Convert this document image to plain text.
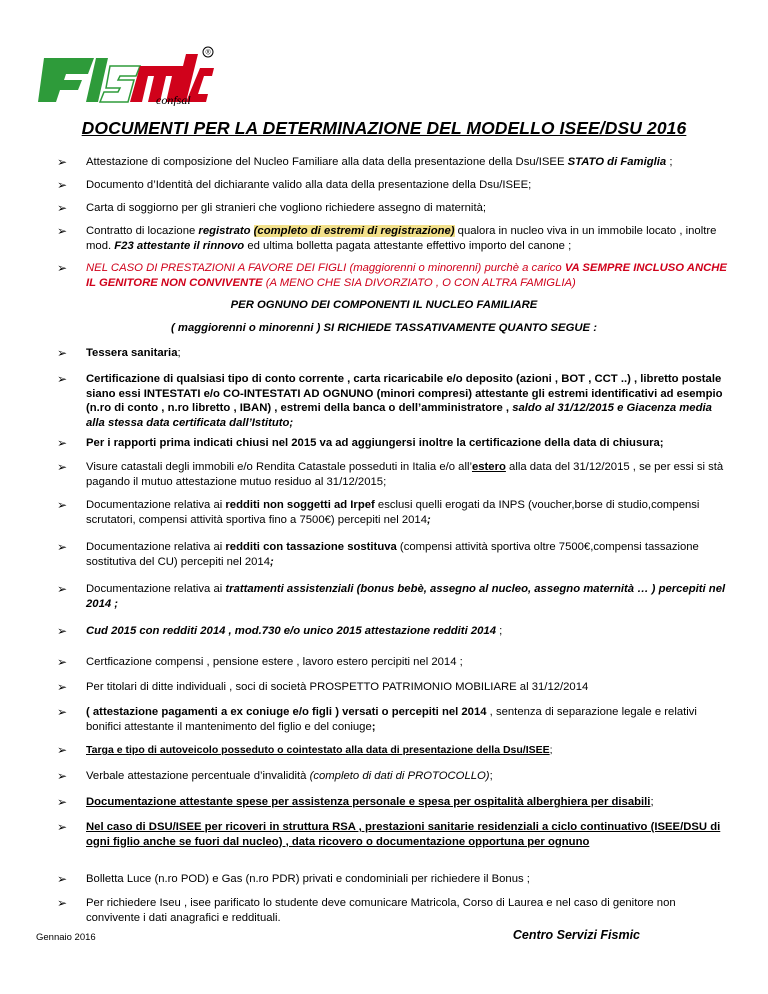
®
confsal
DOCUMENTI PER LA DETERMINAZIONE DEL MODELLO ISEE/DSU 2016
➢ Attestazione di composizione del Nucleo Familiare alla data della presentazione della Dsu/ISEE STATO di Famiglia ;
➢ Documento d’Identità del dichiarante valido alla data della presentazione della Dsu/ISEE;
➢ Carta di soggiorno per gli stranieri che vogliono richiedere assegno di maternità;
➢ Contratto di locazione registrato (completo di estremi di registrazione) qualora in nucleo viva in un immobile locato , inoltre mod. F23 attestante il rinnovo ed ultima bolletta pagata attestante effettivo importo del canone ;
➢ NEL CASO DI PRESTAZIONI A FAVORE DEI FIGLI (maggiorenni o minorenni) purchè a carico VA SEMPRE INCLUSO ANCHE IL GENITORE NON CONVIVENTE (A MENO CHE SIA DIVORZIATO , O CON ALTRA FAMIGLIA)
PER OGNUNO DEI COMPONENTI IL NUCLEO FAMILIARE
( maggiorenni o minorenni ) SI RICHIEDE TASSATIVAMENTE QUANTO SEGUE :
➢ Tessera sanitaria;
➢ Certificazione di qualsiasi tipo di conto corrente , carta ricaricabile e/o deposito (azioni , BOT , CCT ..) , libretto postale siano essi INTESTATI e/o CO-INTESTATI AD OGNUNO (minori compresi) attestante gli estremi identificativi ad esempio (n.ro di conto , n.ro libretto , IBAN) , estremi della banca o dell’amministratore , saldo al 31/12/2015 e Giacenza media alla stessa data certificata dall’Istituto;
➢ Per i rapporti prima indicati chiusi nel 2015 va ad aggiungersi inoltre la certificazione della data di chiusura;
➢ Visure catastali degli immobili e/o Rendita Catastale posseduti in Italia e/o all’estero alla data del 31/12/2015 , se per essi si stà pagando il mutuo attestazione mutuo residuo al 31/12/2015;
➢ Documentazione relativa ai redditi non soggetti ad Irpef esclusi quelli erogati da INPS (voucher,borse di studio,compensi scrutatori, compensi attività sportiva fino a 7500€) percepiti nel 2014;
➢ Documentazione relativa ai redditi con tassazione sostituva (compensi attività sportiva oltre 7500€,compensi tassazione sostitutiva del CU) percepiti nel 2014;
➢ Documentazione relativa ai trattamenti assistenziali (bonus bebè, assegno al nucleo, assegno maternità … ) percepiti nel 2014 ;
➢ Cud 2015 con redditi 2014 , mod.730 e/o unico 2015 attestazione redditi 2014 ;
➢ Certficazione compensi , pensione estere , lavoro estero percipiti nel 2014 ;
➢ Per titolari di ditte individuali , soci di società PROSPETTO PATRIMONIO MOBILIARE al 31/12/2014
➢ ( attestazione pagamenti a ex coniuge e/o figli ) versati o percepiti nel 2014 , sentenza di separazione legale e relativi bonifici attestante il mantenimento del figlio e del coniuge;
➢ Targa e tipo di autoveicolo posseduto o cointestato alla data di presentazione della Dsu/ISEE;
➢ Verbale attestazione percentuale d’invalidità (completo di dati di PROTOCOLLO);
➢ Documentazione attestante spese per assistenza personale e spesa per ospitalità alberghiera per disabili;
➢ Nel caso di DSU/ISEE per ricoveri in struttura RSA , prestazioni sanitarie residenziali a ciclo continuativo (ISEE/DSU di ogni figlio anche se fuori dal nucleo) , data ricovero o documentazione opportuna per ognuno
➢ Bolletta Luce (n.ro POD) e Gas (n.ro PDR) privati e condominiali per richiedere il Bonus ;
➢ Per richiedere Iseu , isee parificato lo studente deve comunicare Matricola, Corso di Laurea e nel caso di genitore non convivente i dati anagrafici e reddituali.
Gennaio 2016	Centro Servizi Fismic
